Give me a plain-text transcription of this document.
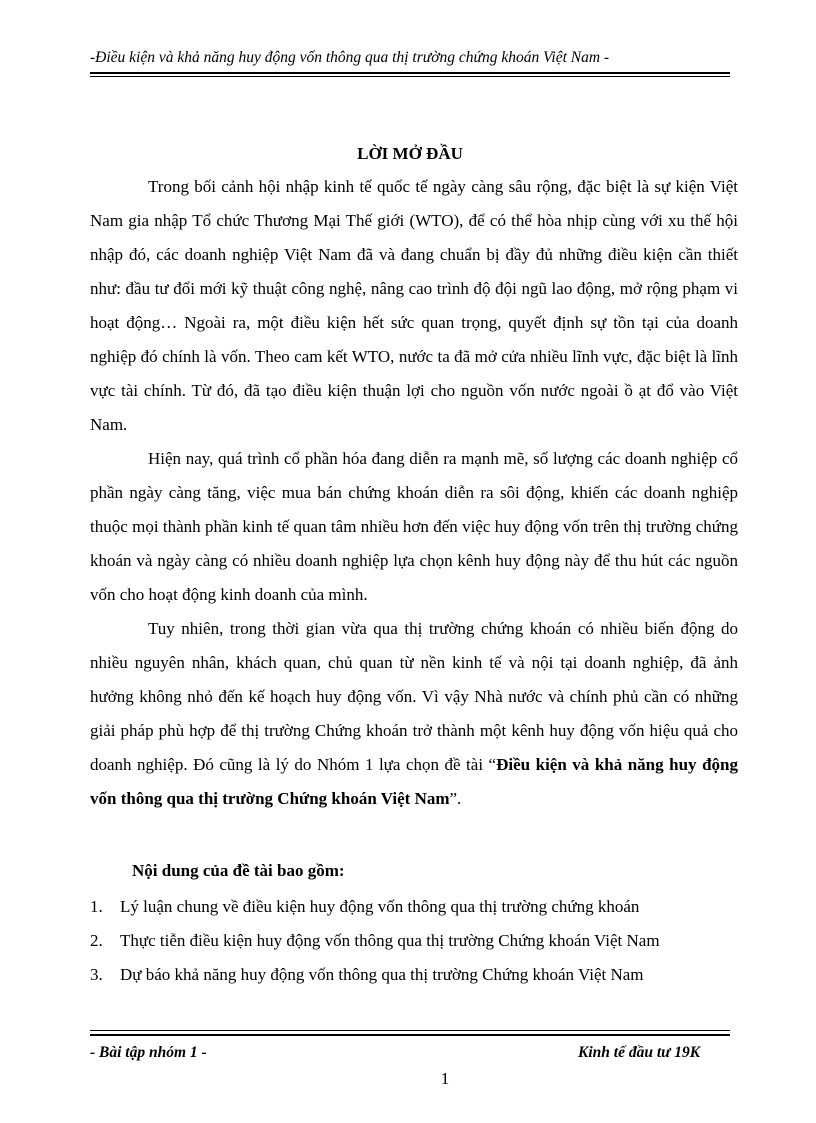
-Điều kiện và khả năng huy động vốn thông qua thị trường chứng khoán Việt Nam -
LỜI MỞ ĐẦU

Trong bối cảnh hội nhập kinh tế quốc tế ngày càng sâu rộng, đặc biệt là sự kiện Việt Nam gia nhập Tổ chức Thương Mại Thế giới (WTO), để có thể hòa nhịp cùng với xu thế hội nhập đó, các doanh nghiệp Việt Nam đã và đang chuẩn bị đầy đủ những điều kiện cần thiết như: đầu tư đổi mới kỹ thuật công nghệ, nâng cao trình độ đội ngũ lao động, mở rộng phạm vi hoạt động… Ngoài ra, một điều kiện hết sức quan trọng, quyết định sự tồn tại của doanh nghiệp đó chính là vốn. Theo cam kết WTO, nước ta đã mở cửa nhiều lĩnh vực, đặc biệt là lĩnh vực tài chính. Từ đó, đã tạo điều kiện thuận lợi cho nguồn vốn nước ngoài ồ ạt đổ vào Việt Nam.

Hiện nay, quá trình cổ phần hóa đang diễn ra mạnh mẽ, số lượng các doanh nghiệp cổ phần ngày càng tăng, việc mua bán chứng khoán diễn ra sôi động, khiến các doanh nghiệp thuộc mọi thành phần kinh tế quan tâm nhiều hơn đến việc huy động vốn trên thị trường chứng khoán và ngày càng có nhiều doanh nghiệp lựa chọn kênh huy động này để thu hút các nguồn vốn cho hoạt động kinh doanh của mình.

Tuy nhiên, trong thời gian vừa qua thị trường chứng khoán có nhiều biến động do nhiều nguyên nhân, khách quan, chủ quan từ nền kinh tế và nội tại doanh nghiệp, đã ảnh hưởng không nhỏ đến kế hoạch huy động vốn. Vì vậy Nhà nước và chính phủ cần có những giải pháp phù hợp để thị trường Chứng khoán trở thành một kênh huy động vốn hiệu quả cho doanh nghiệp. Đó cũng là lý do Nhóm 1 lựa chọn đề tài “Điều kiện và khả năng huy động vốn thông qua thị trường Chứng khoán Việt Nam”.

Nội dung của đề tài bao gồm:
1.	Lý luận chung về điều kiện huy động vốn thông qua thị trường chứng khoán
2.	Thực tiễn điều kiện huy động vốn thông qua thị trường Chứng khoán Việt Nam
3.	Dự báo khả năng huy động vốn thông qua thị trường Chứng khoán Việt Nam
- Bài tập nhóm 1 -	Kinh tế đầu tư 19K
1
